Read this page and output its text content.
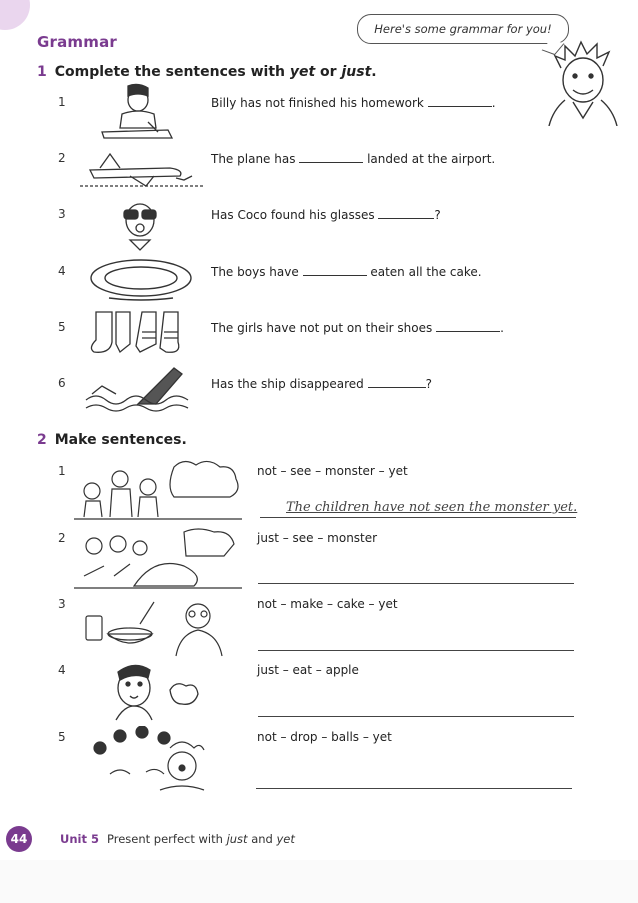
Grammar
Here's some grammar for you!
1 Complete the sentences with yet or just.
1	Billy has not finished his homework	.
2	The plane has	landed at the airport.
3	Has Coco found his glasses	?
4	The boys have	eaten all the cake.
5	The girls have not put on their shoes	.
6	Has the ship disappeared	?
2 Make sentences.
1	not – see – monster – yet
The children have not seen the monster yet.
2	just – see – monster
3	not – make – cake – yet
4	just – eat – apple
5	not – drop – balls – yet
44	Unit 5 Present perfect with just and yet
